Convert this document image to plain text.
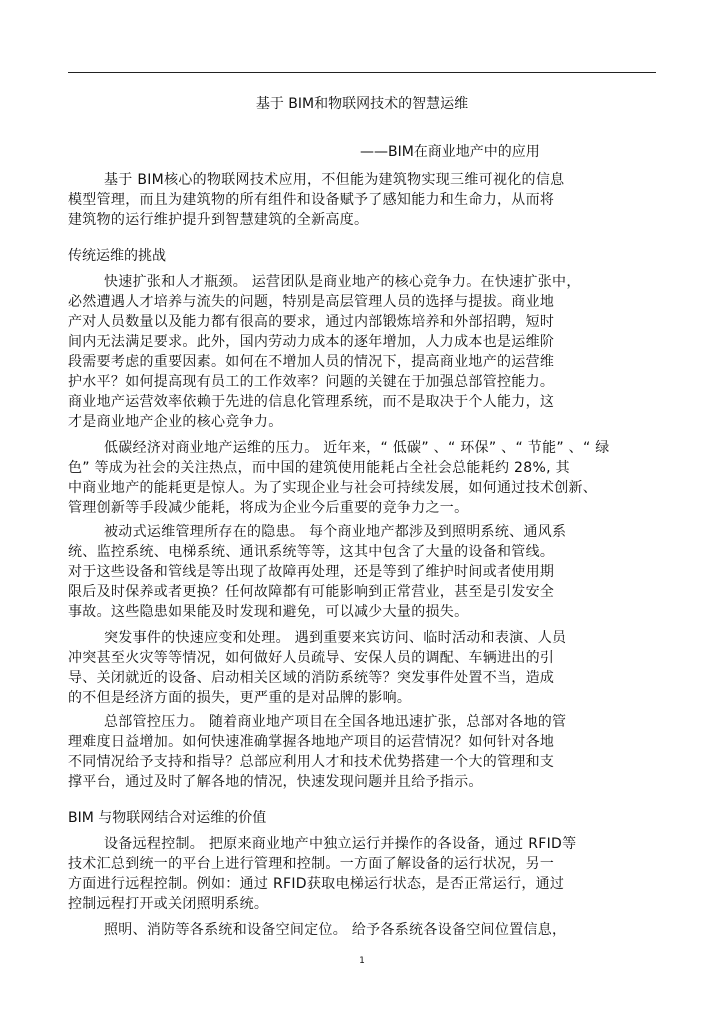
基于 BIM和物联网技术的智慧运维
——BIM在商业地产中的应用
基于 BIM核心的物联网技术应用，不但能为建筑物实现三维可视化的信息
模型管理，而且为建筑物的所有组件和设备赋予了感知能力和生命力，从而将
建筑物的运行维护提升到智慧建筑的全新高度。
传统运维的挑战
快速扩张和人才瓶颈。 运营团队是商业地产的核心竞争力。在快速扩张中，
必然遭遇人才培养与流失的问题，特别是高层管理人员的选择与提拔。商业地
产对人员数量以及能力都有很高的要求，通过内部锻炼培养和外部招聘，短时
间内无法满足要求。此外，国内劳动力成本的逐年增加，人力成本也是运维阶
段需要考虑的重要因素。如何在不增加人员的情况下，提高商业地产的运营维
护水平？如何提高现有员工的工作效率？问题的关键在于加强总部管控能力。
商业地产运营效率依赖于先进的信息化管理系统，而不是取决于个人能力，这
才是商业地产企业的核心竞争力。
低碳经济对商业地产运维的压力。 近年来，“ 低碳” 、“ 环保” 、“ 节能” 、“ 绿
色” 等成为社会的关注热点，而中国的建筑使用能耗占全社会总能耗约 28%, 其
中商业地产的能耗更是惊人。为了实现企业与社会可持续发展，如何通过技术创新、
管理创新等手段减少能耗，将成为企业今后重要的竞争力之一。
被动式运维管理所存在的隐患。 每个商业地产都涉及到照明系统、通风系
统、监控系统、电梯系统、通讯系统等等，这其中包含了大量的设备和管线。
对于这些设备和管线是等出现了故障再处理，还是等到了维护时间或者使用期
限后及时保养或者更换？任何故障都有可能影响到正常营业，甚至是引发安全
事故。这些隐患如果能及时发现和避免，可以减少大量的损失。
突发事件的快速应变和处理。 遇到重要来宾访问、临时活动和表演、人员
冲突甚至火灾等等情况，如何做好人员疏导、安保人员的调配、车辆进出的引
导、关闭就近的设备、启动相关区域的消防系统等？突发事件处置不当，造成
的不但是经济方面的损失，更严重的是对品牌的影响。
总部管控压力。 随着商业地产项目在全国各地迅速扩张，总部对各地的管
理难度日益增加。如何快速准确掌握各地地产项目的运营情况？如何针对各地
不同情况给予支持和指导？总部应利用人才和技术优势搭建一个大的管理和支
撑平台，通过及时了解各地的情况，快速发现问题并且给予指示。
BIM 与物联网结合对运维的价值
设备远程控制。 把原来商业地产中独立运行并操作的各设备，通过 RFID等
技术汇总到统一的平台上进行管理和控制。一方面了解设备的运行状况，另一
方面进行远程控制。例如：通过 RFID获取电梯运行状态，是否正常运行，通过
控制远程打开或关闭照明系统。
照明、消防等各系统和设备空间定位。 给予各系统各设备空间位置信息，
1
